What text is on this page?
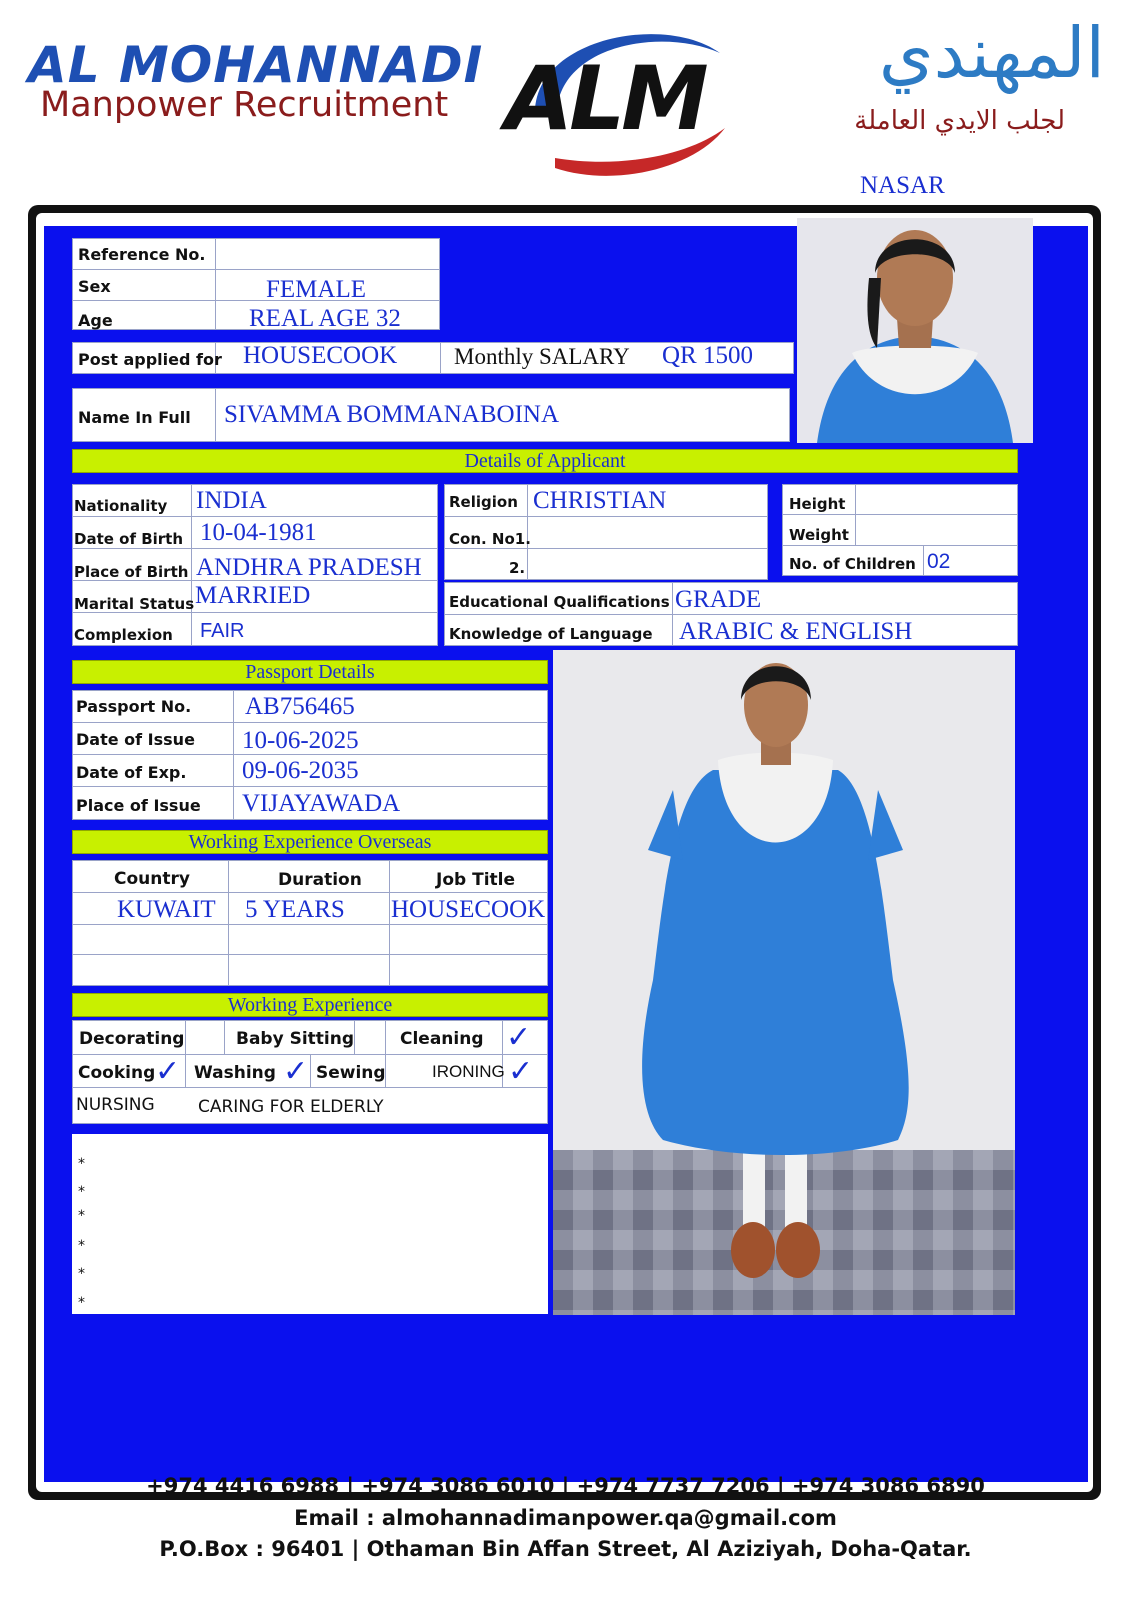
AL MOHANNADI
Manpower Recruitment ALM	المهندي
لجلب الايدي العاملة
NASAR
Reference No.
Sex	FEMALE
Age	REAL AGE 32
Post applied for HOUSECOOK Monthly SALARY QR 1500
Name In Full SIVAMMA BOMMANABOINA
Details of Applicant
Nationality INDIA
Date of Birth 10-04-1981
Place of Birth ANDHRA PRADESH
Marital Status MARRIED
Complexion FAIR
Religion CHRISTIAN
Con. No1.
2.
Height
Weight
No. of Children 02
Educational Qualifications GRADE
Knowledge of Language ARABIC & ENGLISH
Passport Details
Passport No. AB756465
Date of Issue 10-06-2025
Date of Exp. 09-06-2035
Place of Issue VIJAYAWADA
Working Experience Overseas
Country	Duration	Job Title
KUWAIT 5 YEARS HOUSECOOK
Working Experience
Decorating	Baby Sitting	Cleaning ✓
Cooking ✓ Washing ✓ Sewing	IRONING ✓
NURSING	CARING FOR ELDERLY
*
*
*
*
*
*
+974 4416 6988 | +974 3086 6010 | +974 7737 7206 | +974 3086 6890
Email : almohannadimanpower.qa@gmail.com
P.O.Box : 96401 | Othaman Bin Affan Street, Al Aziziyah, Doha-Qatar.
